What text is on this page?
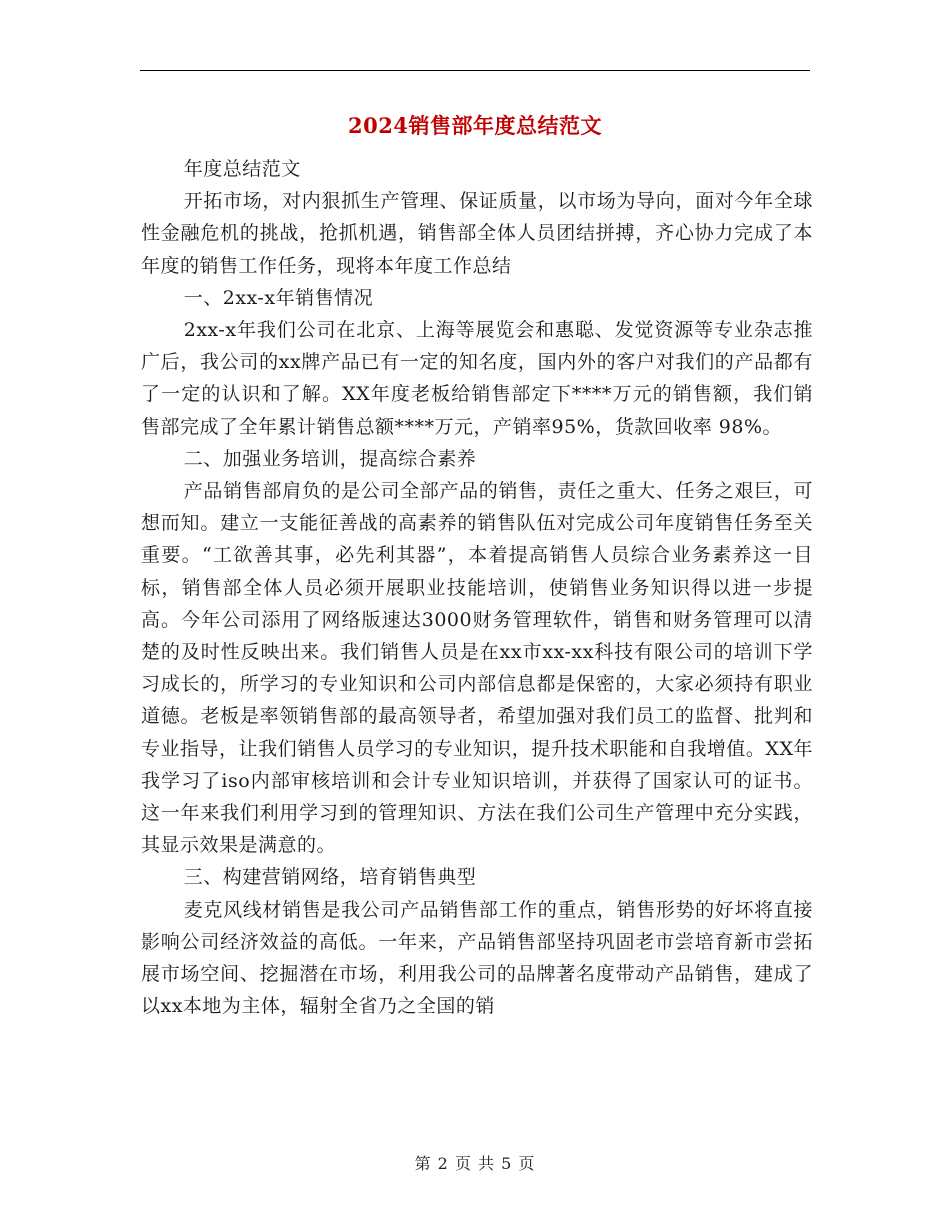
2024销售部年度总结范文

年度总结范文

开拓市场，对内狠抓生产管理、保证质量，以市场为导向，面对今年全球性金融危机的挑战，抢抓机遇，销售部全体人员团结拼搏，齐心协力完成了本年度的销售工作任务，现将本年度工作总结

一、2xx-x年销售情况

2xx-x年我们公司在北京、上海等展览会和惠聪、发觉资源等专业杂志推广后，我公司的xx牌产品已有一定的知名度，国内外的客户对我们的产品都有了一定的认识和了解。XX年度老板给销售部定下****万元的销售额，我们销售部完成了全年累计销售总额****万元，产销率95%，货款回收率 98%。

二、加强业务培训，提高综合素养

产品销售部肩负的是公司全部产品的销售，责任之重大、任务之艰巨，可想而知。建立一支能征善战的高素养的销售队伍对完成公司年度销售任务至关重要。“工欲善其事，必先利其器”，本着提高销售人员综合业务素养这一目标，销售部全体人员必须开展职业技能培训，使销售业务知识得以进一步提高。今年公司添用了网络版速达3000财务管理软件，销售和财务管理可以清楚的及时性反映出来。我们销售人员是在xx市xx-xx科技有限公司的培训下学习成长的，所学习的专业知识和公司内部信息都是保密的，大家必须持有职业道德。老板是率领销售部的最高领导者，希望加强对我们员工的监督、批判和专业指导，让我们销售人员学习的专业知识，提升技术职能和自我增值。XX年我学习了iso内部审核培训和会计专业知识培训，并获得了国家认可的证书。这一年来我们利用学习到的管理知识、方法在我们公司生产管理中充分实践，其显示效果是满意的。

三、构建营销网络，培育销售典型

麦克风线材销售是我公司产品销售部工作的重点，销售形势的好坏将直接影响公司经济效益的高低。一年来，产品销售部坚持巩固老市尝培育新市尝拓展市场空间、挖掘潜在市场，利用我公司的品牌著名度带动产品销售，建成了以xx本地为主体，辐射全省乃之全国的销

第 2 页 共 5 页
